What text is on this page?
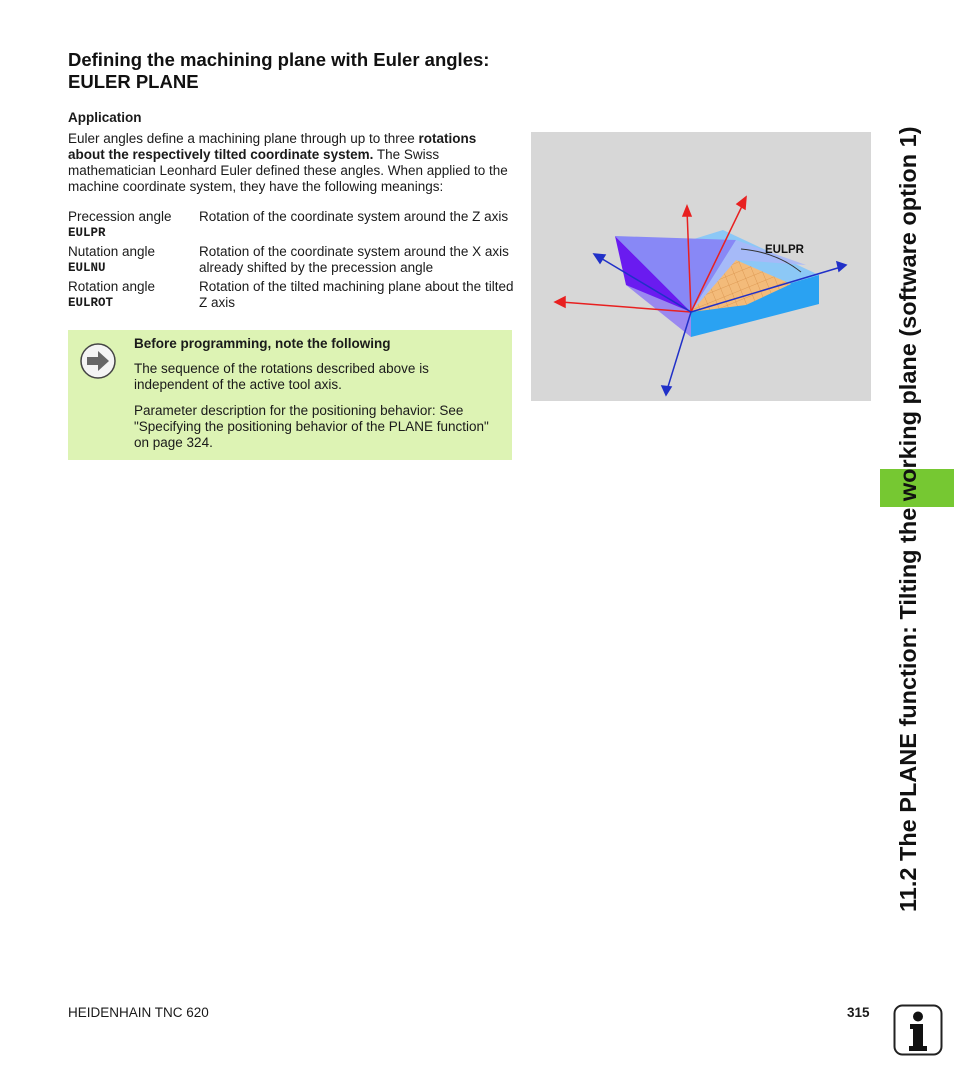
Defining the machining plane with Euler angles:
EULER PLANE
Application
Euler angles define a machining plane through up to three rotations about the respectively tilted coordinate system. The Swiss mathematician Leonhard Euler defined these angles. When applied to the machine coordinate system, they have the following meanings:
Precession angle
EULPR
Rotation of the coordinate system around the Z axis
Nutation angle
EULNU
Rotation of the coordinate system around the X axis already shifted by the precession angle
Rotation angle
EULROT
Rotation of the tilted machining plane about the tilted Z axis
Before programming, note the following

The sequence of the rotations described above is independent of the active tool axis.

Parameter description for the positioning behavior: See "Specifying the positioning behavior of the PLANE function" on page 324.

EULPR	11.2 The PLANE function: Tilting the working plane (software option 1)
HEIDENHAIN TNC 620	315
